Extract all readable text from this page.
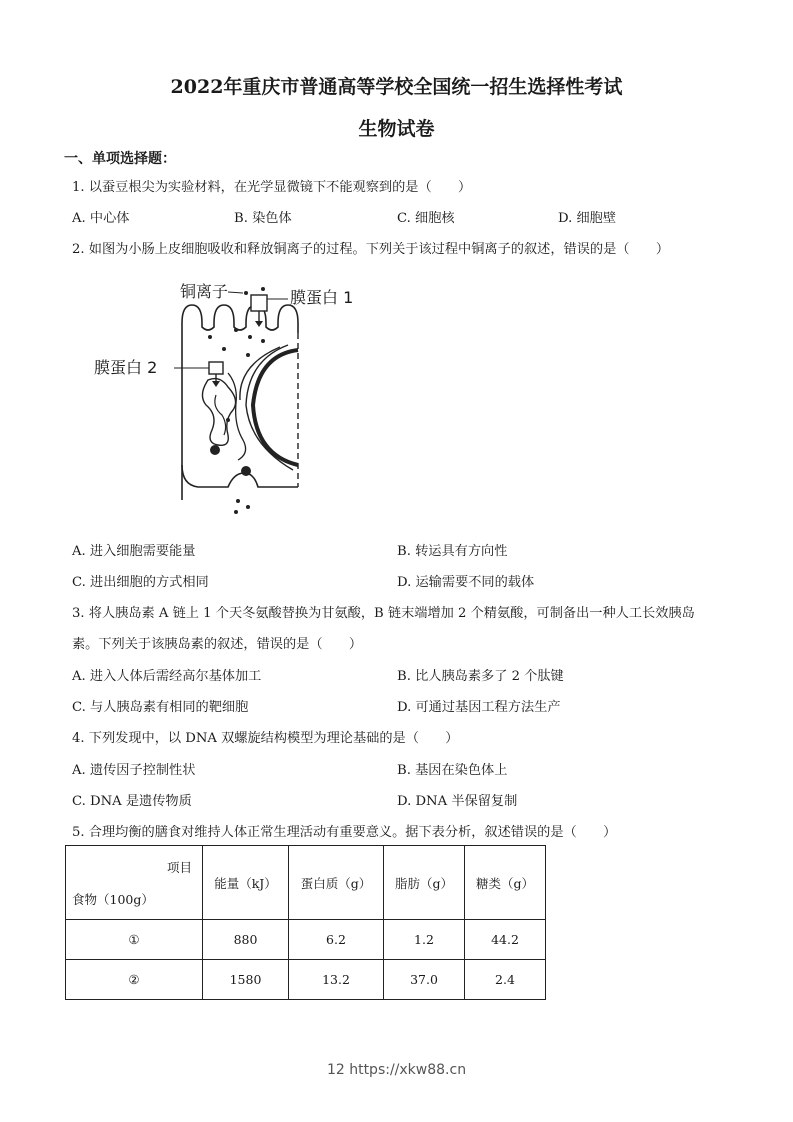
2022年重庆市普通高等学校全国统一招生选择性考试
生物试卷
一、单项选择题：
1. 以蚕豆根尖为实验材料，在光学显微镜下不能观察到的是（　　）
A. 中心体	B. 染色体	C. 细胞核	D. 细胞壁
2. 如图为小肠上皮细胞吸收和释放铜离子的过程。下列关于该过程中铜离子的叙述，错误的是（　　）
铜离子	膜蛋白 1
膜蛋白 2
A. 进入细胞需要能量	B. 转运具有方向性
C. 进出细胞的方式相同	D. 运输需要不同的载体
3. 将人胰岛素 A 链上 1 个天冬氨酸替换为甘氨酸，B 链末端增加 2 个精氨酸，可制备出一种人工长效胰岛
素。下列关于该胰岛素的叙述，错误的是（　　）
A. 进入人体后需经高尔基体加工	B. 比人胰岛素多了 2 个肽键
C. 与人胰岛素有相同的靶细胞	D. 可通过基因工程方法生产
4. 下列发现中，以 DNA 双螺旋结构模型为理论基础的是（　　）
A. 遗传因子控制性状	B. 基因在染色体上
C. DNA 是遗传物质	D. DNA 半保留复制
5. 合理均衡的膳食对维持人体正常生理活动有重要意义。据下表分析，叙述错误的是（　　）
项目
食物（100g）	能量（kJ）	蛋白质（g）	脂肪（g）	糖类（g）
①	880	6.2	1.2	44.2
②	1580	13.2	37.0	2.4
12 https://xkw88.cn
